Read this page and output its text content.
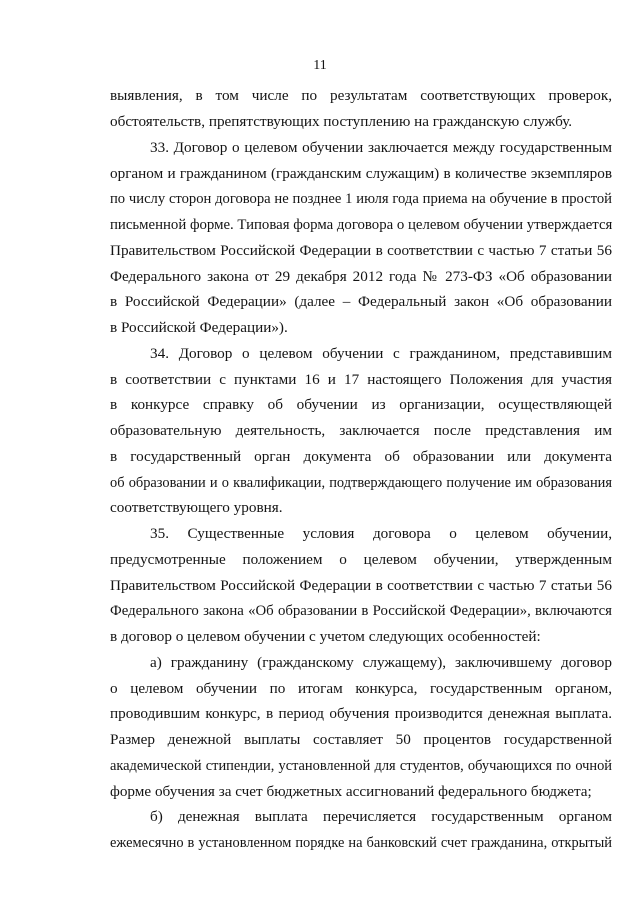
11
выявления, в том числе по результатам соответствующих проверок,
обстоятельств, препятствующих поступлению на гражданскую службу.
33. Договор о целевом обучении заключается между государственным
органом и гражданином (гражданским служащим) в количестве экземпляров
по числу сторон договора не позднее 1 июля года приема на обучение в простой
письменной форме. Типовая форма договора о целевом обучении утверждается
Правительством Российской Федерации в соответствии с частью 7 статьи 56
Федерального закона от 29 декабря 2012 года № 273-ФЗ «Об образовании
в Российской Федерации» (далее – Федеральный закон «Об образовании
в Российской Федерации»).
34. Договор о целевом обучении с гражданином, представившим
в соответствии с пунктами 16 и 17 настоящего Положения для участия
в конкурсе справку об обучении из организации, осуществляющей
образовательную деятельность, заключается после представления им
в государственный орган документа об образовании или документа
об образовании и о квалификации, подтверждающего получение им образования
соответствующего уровня.
35. Существенные условия договора о целевом обучении,
предусмотренные положением о целевом обучении, утвержденным
Правительством Российской Федерации в соответствии с частью 7 статьи 56
Федерального закона «Об образовании в Российской Федерации», включаются
в договор о целевом обучении с учетом следующих особенностей:
а) гражданину (гражданскому служащему), заключившему договор
о целевом обучении по итогам конкурса, государственным органом,
проводившим конкурс, в период обучения производится денежная выплата.
Размер денежной выплаты составляет 50 процентов государственной
академической стипендии, установленной для студентов, обучающихся по очной
форме обучения за счет бюджетных ассигнований федерального бюджета;
б) денежная выплата перечисляется государственным органом
ежемесячно в установленном порядке на банковский счет гражданина, открытый
